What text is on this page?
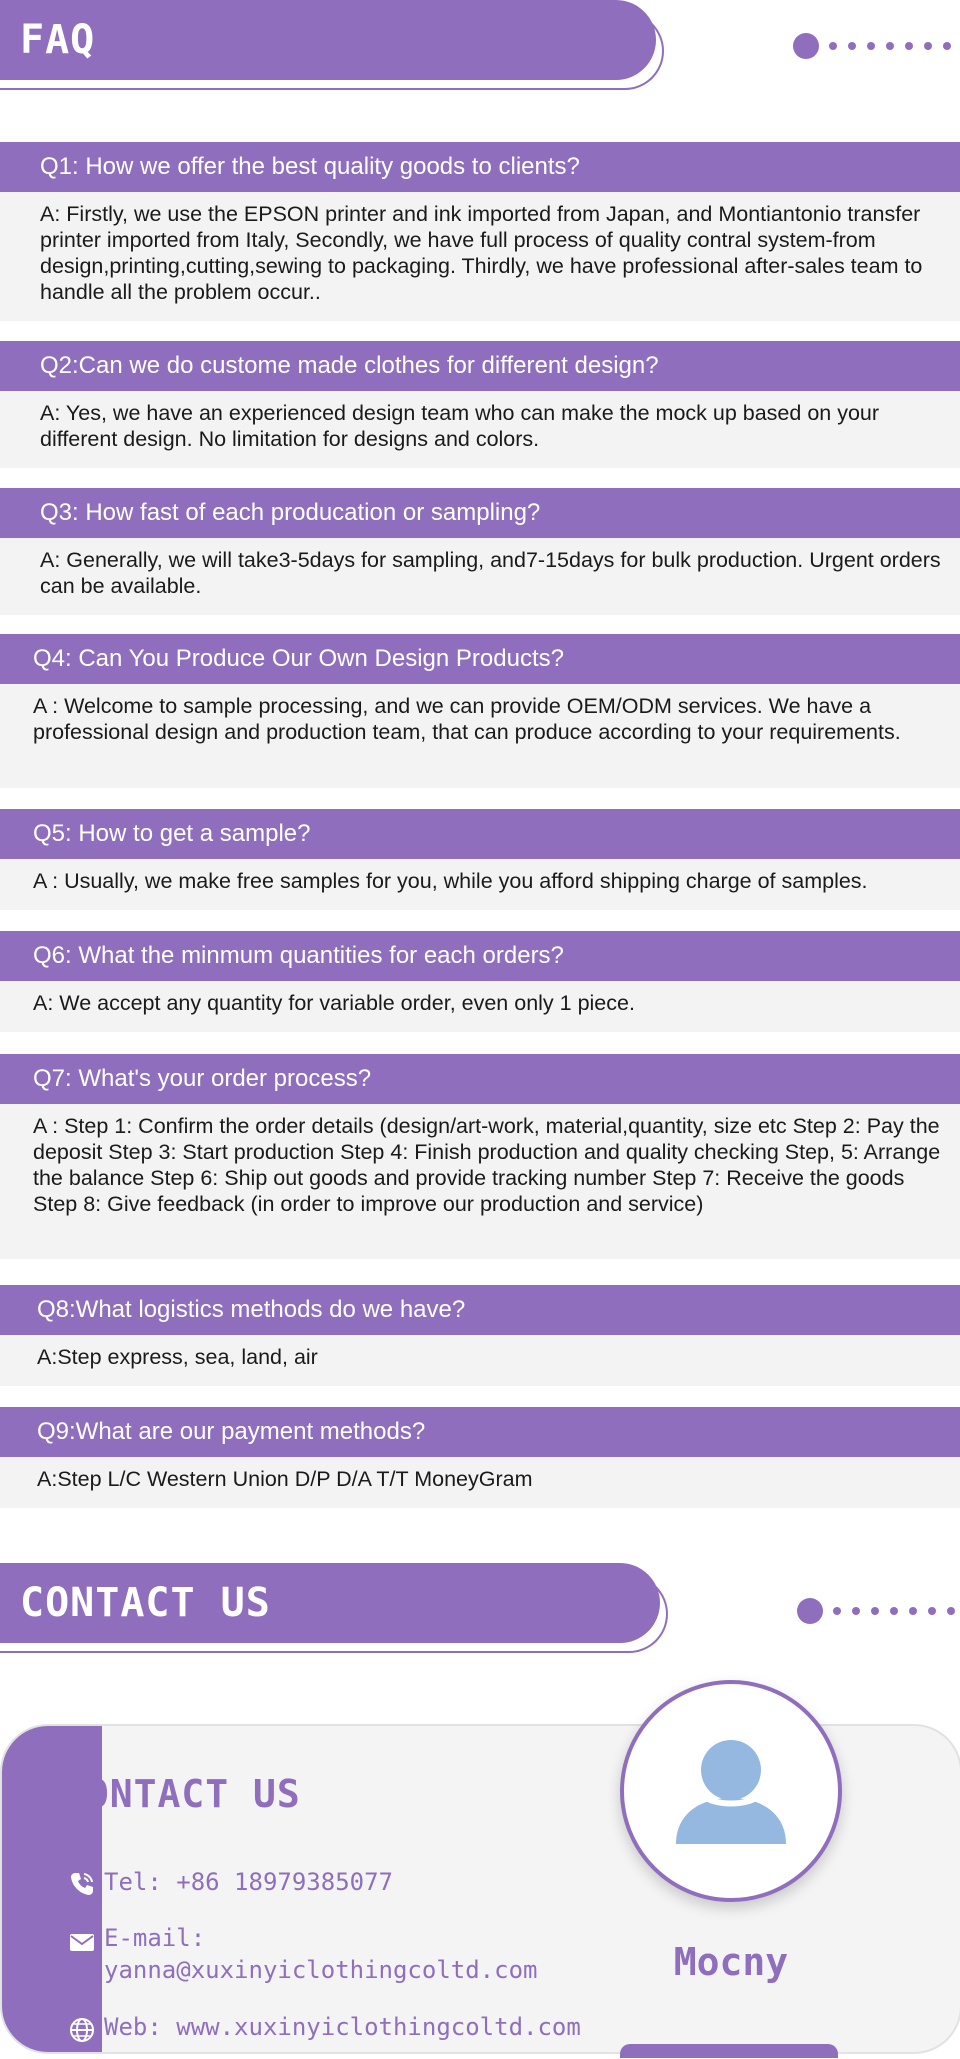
FAQ
Q1: How we offer the best quality goods to clients?
A: Firstly, we use the EPSON printer and ink imported from Japan, and Montiantonio transfer printer imported from Italy, Secondly, we have full process of quality contral system-from design,printing,cutting,sewing to packaging. Thirdly, we have professional after-sales team to handle all the problem occur..
Q2:Can we do custome made clothes for different design?
A: Yes, we have an experienced design team who can make the mock up based on your different design. No limitation for designs and colors.
Q3: How fast of each producation or sampling?
A: Generally, we will take3-5days for sampling, and7-15days for bulk production. Urgent orders can be available.
Q4: Can You Produce Our Own Design Products?
A : Welcome to sample processing, and we can provide OEM/ODM services. We have a professional design and production team, that can produce according to your requirements.
Q5: How to get a sample?
A : Usually, we make free samples for you, while you afford shipping charge of samples.
Q6: What the minmum quantities for each orders?
A: We accept any quantity for variable order, even only 1 piece.
Q7: What's your order process?
A : Step 1: Confirm the order details (design/art-work, material,quantity, size etc Step 2: Pay the deposit Step 3: Start production Step 4: Finish production and quality checking Step, 5: Arrange the balance Step 6: Ship out goods and provide tracking number Step 7: Receive the goods Step 8: Give feedback (in order to improve our production and service)
Q8:What logistics methods do we have?
A:Step express, sea, land, air
Q9:What are our payment methods?
A:Step L/C Western Union D/P D/A T/T MoneyGram
CONTACT US
CONTACT US
Tel: +86 18979385077
E-mail:
yanna@xuxinyiclothingcoltd.com
Web: www.xuxinyiclothingcoltd.com
Mocny
